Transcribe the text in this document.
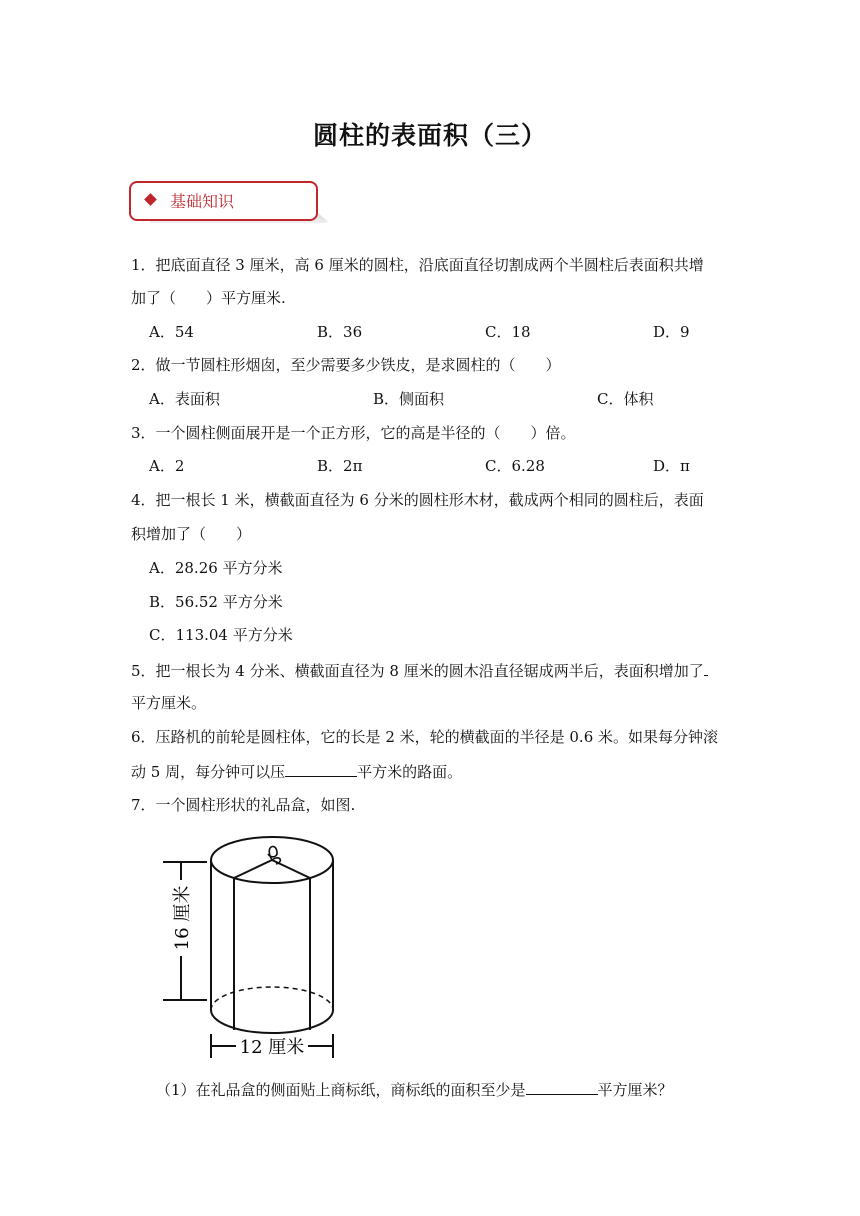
圆柱的表面积（三）
基础知识
1．把底面直径 3 厘米，高 6 厘米的圆柱，沿底面直径切割成两个半圆柱后表面积共增
加了（　　）平方厘米.
A．54	B．36	C．18	D．9
2．做一节圆柱形烟囱，至少需要多少铁皮，是求圆柱的（　　）
A．表面积	B．侧面积	C．体积
3．一个圆柱侧面展开是一个正方形，它的高是半径的（　　）倍。
A．2	B．2π	C．6.28	D．π
4．把一根长 1 米，横截面直径为 6 分米的圆柱形木材，截成两个相同的圆柱后，表面
积增加了（　　）
A．28.26 平方分米
B．56.52 平方分米
C．113.04 平方分米
5．把一根长为 4 分米、横截面直径为 8 厘米的圆木沿直径锯成两半后，表面积增加了
平方厘米。
6．压路机的前轮是圆柱体，它的长是 2 米，轮的横截面的半径是 0.6 米。如果每分钟滚
动 5 周，每分钟可以压	平方米的路面。
7．一个圆柱形状的礼品盒，如图.
16 厘米
12 厘米
（1）在礼品盒的侧面贴上商标纸，商标纸的面积至少是	平方厘米？
